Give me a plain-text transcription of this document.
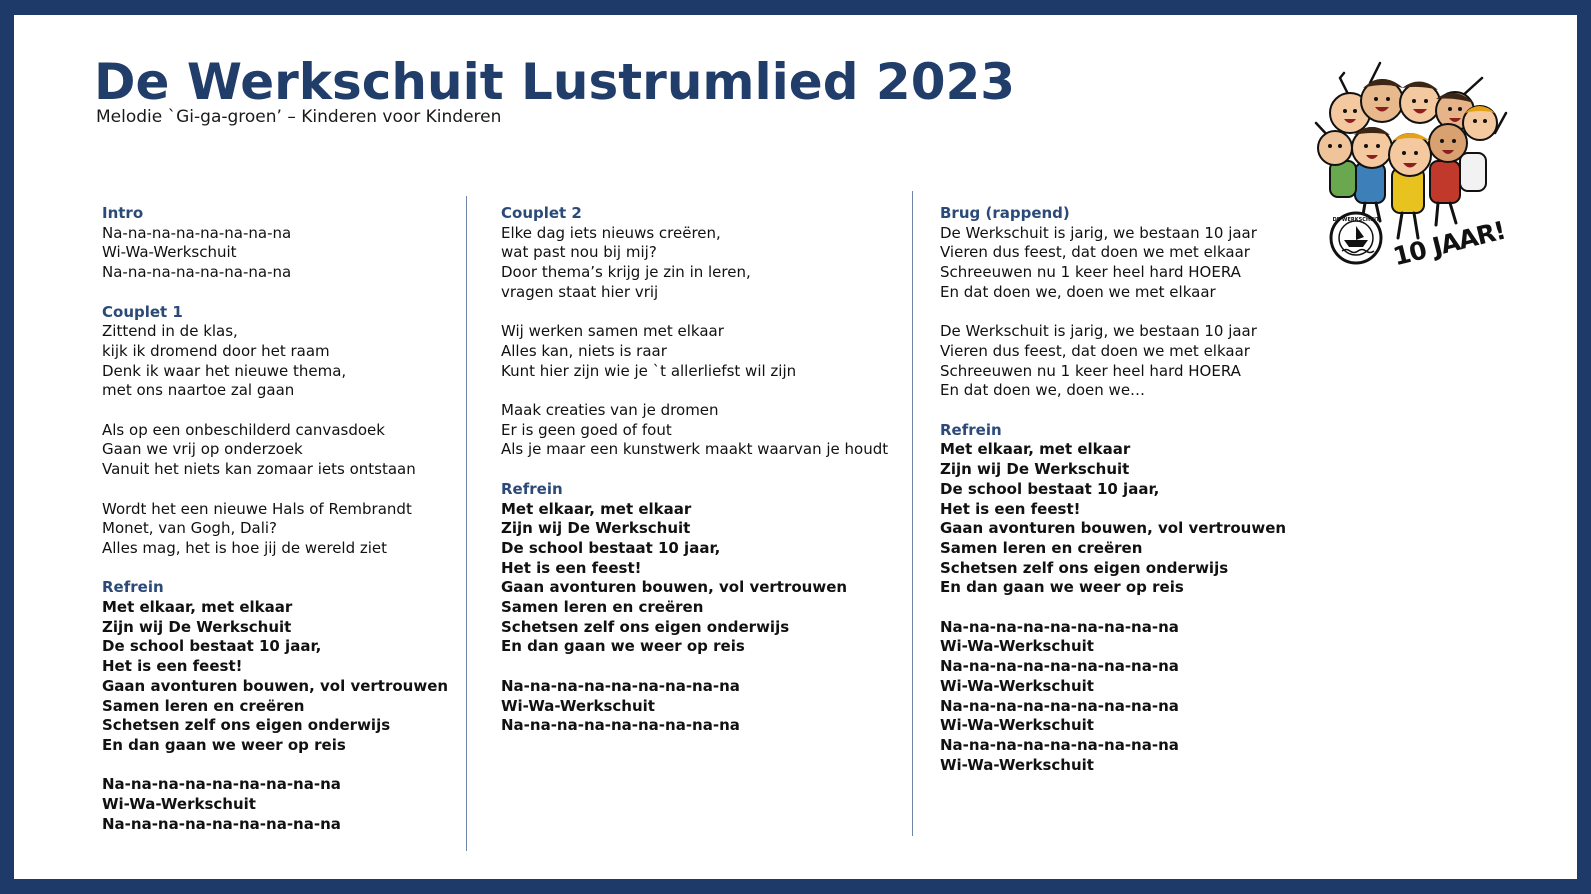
De Werkschuit Lustrumlied 2023
Melodie `Gi-ga-groen’ – Kinderen voor Kinderen
Intro
Na-na-na-na-na-na-na-na
Wi-Wa-Werkschuit
Na-na-na-na-na-na-na-na
Couplet 1
Zittend in de klas,
kijk ik dromend door het raam
Denk ik waar het nieuwe thema,
met ons naartoe zal gaan
Als op een onbeschilderd canvasdoek
Gaan we vrij op onderzoek
Vanuit het niets kan zomaar iets ontstaan
Wordt het een nieuwe Hals of Rembrandt
Monet, van Gogh, Dali?
Alles mag, het is hoe jij de wereld ziet
Refrein
Met elkaar, met elkaar
Zijn wij De Werkschuit
De school bestaat 10 jaar,
Het is een feest!
Gaan avonturen bouwen, vol vertrouwen
Samen leren en creëren
Schetsen zelf ons eigen onderwijs
En dan gaan we weer op reis
Na-na-na-na-na-na-na-na-na
Wi-Wa-Werkschuit
Na-na-na-na-na-na-na-na-na
Couplet 2
Elke dag iets nieuws creëren,
wat past nou bij mij?
Door thema’s krijg je zin in leren,
vragen staat hier vrij
Wij werken samen met elkaar
Alles kan, niets is raar
Kunt hier zijn wie je `t allerliefst wil zijn
Maak creaties van je dromen
Er is geen goed of fout
Als je maar een kunstwerk maakt waarvan je houdt
Refrein
Met elkaar, met elkaar
Zijn wij De Werkschuit
De school bestaat 10 jaar,
Het is een feest!
Gaan avonturen bouwen, vol vertrouwen
Samen leren en creëren
Schetsen zelf ons eigen onderwijs
En dan gaan we weer op reis
Na-na-na-na-na-na-na-na-na
Wi-Wa-Werkschuit
Na-na-na-na-na-na-na-na-na
Brug (rappend)
De Werkschuit is jarig, we bestaan 10 jaar
Vieren dus feest, dat doen we met elkaar
Schreeuwen nu 1 keer heel hard HOERA
En dat doen we, doen we met elkaar
De Werkschuit is jarig, we bestaan 10 jaar
Vieren dus feest, dat doen we met elkaar
Schreeuwen nu 1 keer heel hard HOERA
En dat doen we, doen we…
Refrein
Met elkaar, met elkaar
Zijn wij De Werkschuit
De school bestaat 10 jaar,
Het is een feest!
Gaan avonturen bouwen, vol vertrouwen
Samen leren en creëren
Schetsen zelf ons eigen onderwijs
En dan gaan we weer op reis
Na-na-na-na-na-na-na-na-na
Wi-Wa-Werkschuit
Na-na-na-na-na-na-na-na-na
Wi-Wa-Werkschuit
Na-na-na-na-na-na-na-na-na
Wi-Wa-Werkschuit
Na-na-na-na-na-na-na-na-na
Wi-Wa-Werkschuit
DE WERKSCHUIT 10 JAAR!
